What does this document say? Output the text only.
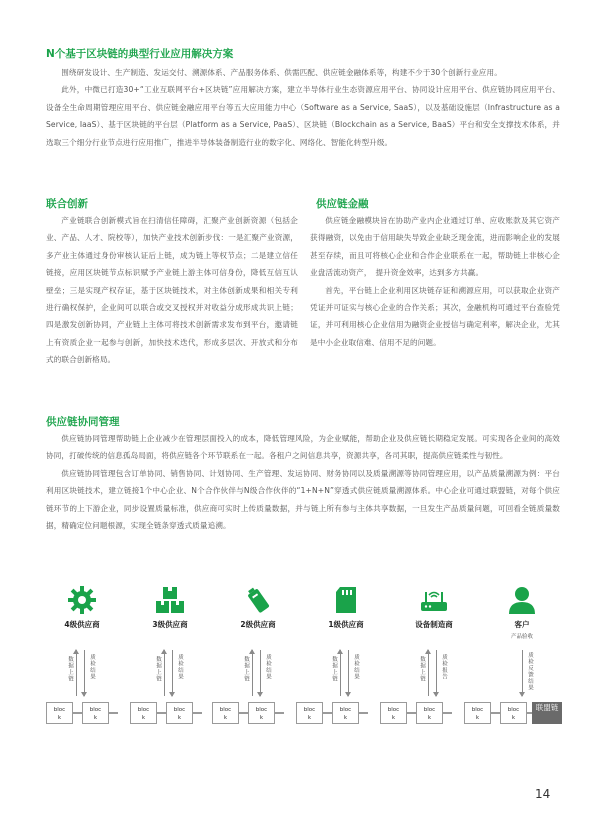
N个基于区块链的典型行业应用解决方案

围绕研发设计、生产制造、发运交付、溯源体系、产品服务体系、供需匹配、供应链金融体系等，构建不少于30个创新行业应用。

此外，中微已打造30+“工业互联网平台+区块链”应用解决方案，建立半导体行业生态资源应用平台、协同设计应用平台、供应链协同应用平台、设备全生命周期管理应用平台、供应链金融应用平台等五大应用能力中心（Software as a Service, SaaS），以及基础设施层（Infrastructure as a Service, IaaS）、基于区块链的平台层（Platform as a Service, PaaS）、区块链（Blockchain as a Service, BaaS）平台和安全支撑技术体系，并选取三个细分行业节点进行应用推广，推进半导体装备制造行业的数字化、网络化、智能化转型升级。

联合创新

产业链联合创新模式旨在扫清信任障碍，汇聚产业创新资源（包括企业、产品、人才、院校等），加快产业技术创新步伐：一是汇聚产业资源，多产业主体通过身份审核认证后上链，成为链上等权节点；二是建立信任链接，应用区块链节点标识赋予产业链上游主体可信身份，降低互信互认壁垒；三是实现产权存证，基于区块链技术，对主体创新成果和相关专利进行确权保护，企业间可以联合或交叉授权并对收益分成形成共识上链；四是激发创新协同，产业链上主体可将技术创新需求发布到平台，邀请链上有资质企业一起参与创新，加快技术迭代，形成多层次、开放式和分布式的联合创新格局。

供应链金融

供应链金融模块旨在协助产业内企业通过订单、应收账款及其它资产获得融资，以免由于信用缺失导致企业缺乏现金流，进而影响企业的发展甚至存续，而且可将核心企业和合作企业联系在一起，帮助链上非核心企业盘活流动资产，　提升资金效率，达到多方共赢。

首先，平台链上企业利用区块链存证和溯源应用，可以获取企业资产凭证并可证实与核心企业的合作关系；其次，金融机构可通过平台查验凭证，并可利用核心企业信用为融资企业授信与确定利率，解决企业，尤其是中小企业取信难、信用不足的问题。

供应链协同管理

供应链协同管理帮助链上企业减少在管理层面投入的成本，降低管理风险，为企业赋能，帮助企业及供应链长期稳定发展。可实现各企业间的高效协同，打破传统的信息孤岛局面，将供应链各个环节联系在一起。各租户之间信息共享，资源共享，各司其职，提高供应链柔性与韧性。

供应链协同管理包含订单协同、销售协同、计划协同、生产管理、发运协同、财务协同以及质量溯源等协同管理应用，以产品质量溯源为例：平台利用区块链技术，建立链接1个中心企业、N个合作伙伴与N级合作伙伴的“1+N+N”穿透式供应链质量溯源体系。中心企业可通过联盟链，对每个供应链环节的上下游企业，同步设置质量标准，供应商可实时上传质量数据，并与链上所有参与主体共享数据，一旦发生产品质量问题，可回看全链质量数据，精确定位问题根源，实现全链条穿透式质量追溯。

4级供应商	3级供应商	2级供应商	1级供应商	设备制造商	客户
产品验收
数据上链	质检结果	数据上链	质检结果	数据上链	质检结果	数据上链	质检结果	数据上链	质检报告	质检反馈结果
bloc
k
bloc
k
bloc
k
bloc
k
bloc
k
bloc
k
bloc
k
bloc
k
bloc
k
bloc
k
bloc
k
bloc
k
联盟链
14
